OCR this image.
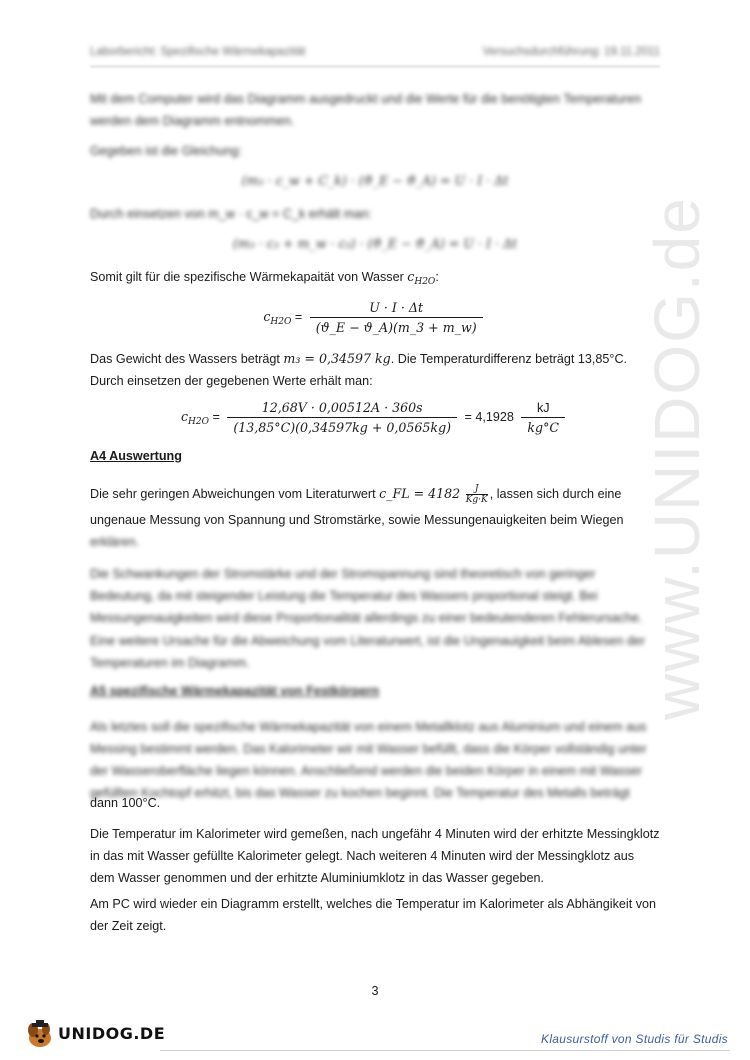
www.UNIDOG.de
Laborbericht: Spezifische Wärmekapazität	Versuchsdurchführung: 19.11.2011
Mit dem Computer wird das Diagramm ausgedruckt und die Werte für die benötigten Temperaturen werden dem Diagramm entnommen.
Gegeben ist die Gleichung:
(m₃ · c_w + C_k) · (ϑ_E − ϑ_A) = U · I · Δt
Durch einsetzen von m_w · c_w = C_k erhält man:
(m₃ · c₃ + m_w · c₃) · (ϑ_E − ϑ_A) = U · I · Δt
Somit gilt für die spezifische Wärmekapaität von Wasser $c_{H2O}$:
$c_{H2O} = \frac{U \cdot I \cdot \Delta t}{(ϑ\_E - ϑ\_A)(m\_3 + m\_w)}$
Das Gewicht des Wassers beträgt m₃ = 0,34597 kg. Die Temperaturdifferenz beträgt 13,85°C.
Durch einsetzen der gegebenen Werte erhält man:
$c_{H2O} = \frac{12,68V \cdot 0,00512A \cdot 360s}{(13,85^\circ C)(0,34597kg + 0,0565kg)} = 4,1928 \frac{kJ}{kg^\circ C}$
A4 Auswertung
Die sehr geringen Abweichungen vom Literaturwert c_FL = $4182 \frac{J}{Kg\cdot K}$ , lassen sich durch eine
ungenaue Messung von Spannung und Stromstärke, sowie Messungenauigkeiten beim Wiegen
erklären.
Die Schwankungen der Stromstärke und der Stromspannung sind theoretisch von geringer Bedeutung, da mit steigender Leistung die Temperatur des Wassers proportional steigt. Bei Messungenauigkeiten wird diese Proportionalität allerdings zu einer bedeutenderen Fehlerursache.
Eine weitere Ursache für die Abweichung vom Literaturwert, ist die Ungenauigkeit beim Ablesen der Temperaturen im Diagramm.
A5 spezifische Wärmekapazität von Festkörpern
Als letztes soll die spezifische Wärmekapazität von einem Metallklotz aus Aluminium und einem aus Messing bestimmt werden. Das Kalorimeter wir mit Wasser befüllt, dass die Körper vollständig unter der Wasseroberfläche liegen können. Anschließend werden die beiden Körper in einem mit Wasser gefüllten Kochtopf erhitzt, bis das Wasser zu kochen beginnt. Die Temperatur des Metalls beträgt
dann 100°C.
Die Temperatur im Kalorimeter wird gemeßen, nach ungefähr 4 Minuten wird der erhitzte Messingklotz in das mit Wasser gefüllte Kalorimeter gelegt. Nach weiteren 4 Minuten wird der Messingklotz aus dem Wasser genommen und der erhitzte Aluminiumklotz in das Wasser gegeben.
Am PC wird wieder ein Diagramm erstellt, welches die Temperatur im Kalorimeter als Abhängikeit von der Zeit zeigt.
3
UNIDOG.DE	Klausurstoff von Studis für Studis
